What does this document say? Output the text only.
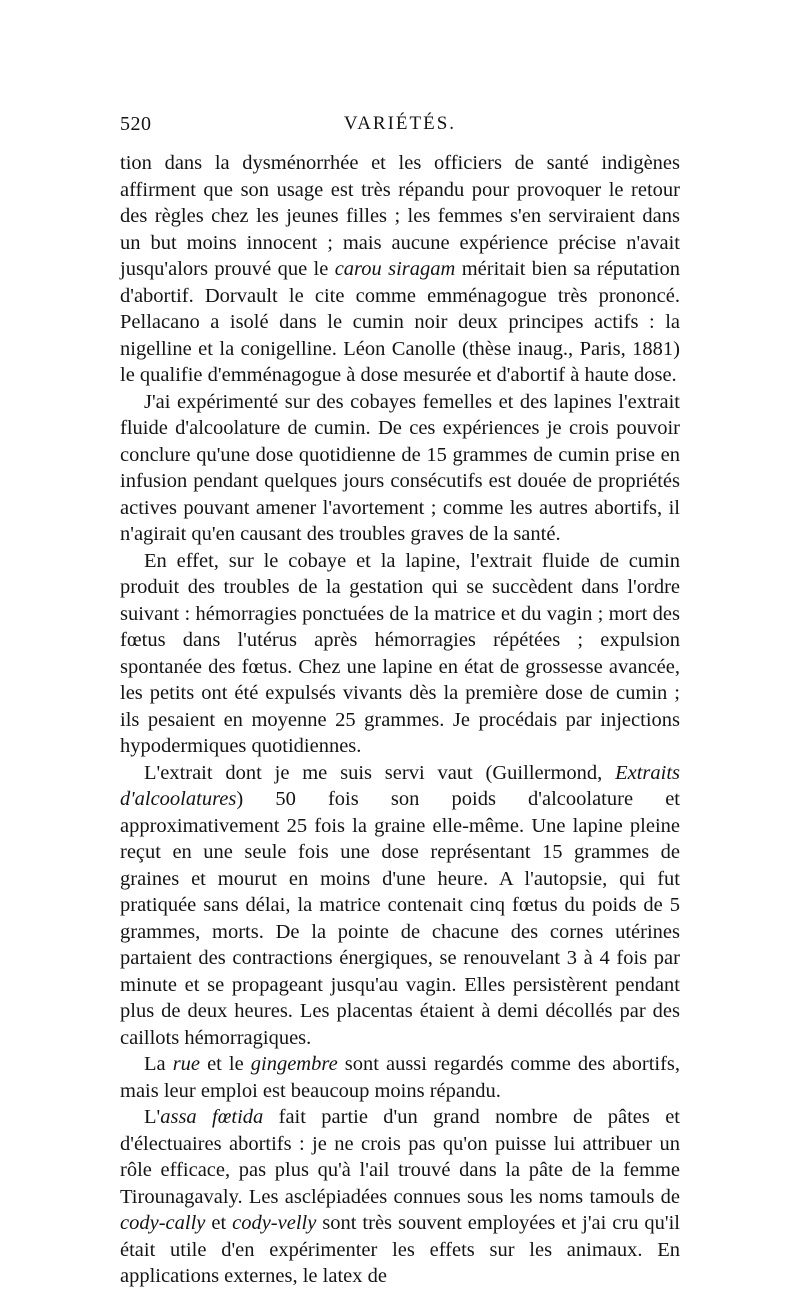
520	VARIÉTÉS.

tion dans la dysménorrhée et les officiers de santé indigènes affirment que son usage est très répandu pour provoquer le retour des règles chez les jeunes filles ; les femmes s'en serviraient dans un but moins innocent ; mais aucune expérience précise n'avait jusqu'alors prouvé que le carou siragam méritait bien sa réputation d'abortif. Dorvault le cite comme emménagogue très prononcé. Pellacano a isolé dans le cumin noir deux principes actifs : la nigelline et la conigelline. Léon Canolle (thèse inaug., Paris, 1881) le qualifie d'emménagogue à dose mesurée et d'abortif à haute dose.

J'ai expérimenté sur des cobayes femelles et des lapines l'extrait fluide d'alcoolature de cumin. De ces expériences je crois pouvoir conclure qu'une dose quotidienne de 15 grammes de cumin prise en infusion pendant quelques jours consécutifs est douée de propriétés actives pouvant amener l'avortement ; comme les autres abortifs, il n'agirait qu'en causant des troubles graves de la santé.

En effet, sur le cobaye et la lapine, l'extrait fluide de cumin produit des troubles de la gestation qui se succèdent dans l'ordre suivant : hémorragies ponctuées de la matrice et du vagin ; mort des fœtus dans l'utérus après hémorragies répétées ; expulsion spontanée des fœtus. Chez une lapine en état de grossesse avancée, les petits ont été expulsés vivants dès la première dose de cumin ; ils pesaient en moyenne 25 grammes. Je procédais par injections hypodermiques quotidiennes.

L'extrait dont je me suis servi vaut (Guillermond, Extraits d'alcoolatures) 50 fois son poids d'alcoolature et approximativement 25 fois la graine elle-même. Une lapine pleine reçut en une seule fois une dose représentant 15 grammes de graines et mourut en moins d'une heure. A l'autopsie, qui fut pratiquée sans délai, la matrice contenait cinq fœtus du poids de 5 grammes, morts. De la pointe de chacune des cornes utérines partaient des contractions énergiques, se renouvelant 3 à 4 fois par minute et se propageant jusqu'au vagin. Elles persistèrent pendant plus de deux heures. Les placentas étaient à demi décollés par des caillots hémorragiques.

La rue et le gingembre sont aussi regardés comme des abortifs, mais leur emploi est beaucoup moins répandu.

L'assa fœtida fait partie d'un grand nombre de pâtes et d'électuaires abortifs : je ne crois pas qu'on puisse lui attribuer un rôle efficace, pas plus qu'à l'ail trouvé dans la pâte de la femme Tirounagavaly. Les asclépiadées connues sous les noms tamouls de cody-cally et cody-velly sont très souvent employées et j'ai cru qu'il était utile d'en expérimenter les effets sur les animaux. En applications externes, le latex de
